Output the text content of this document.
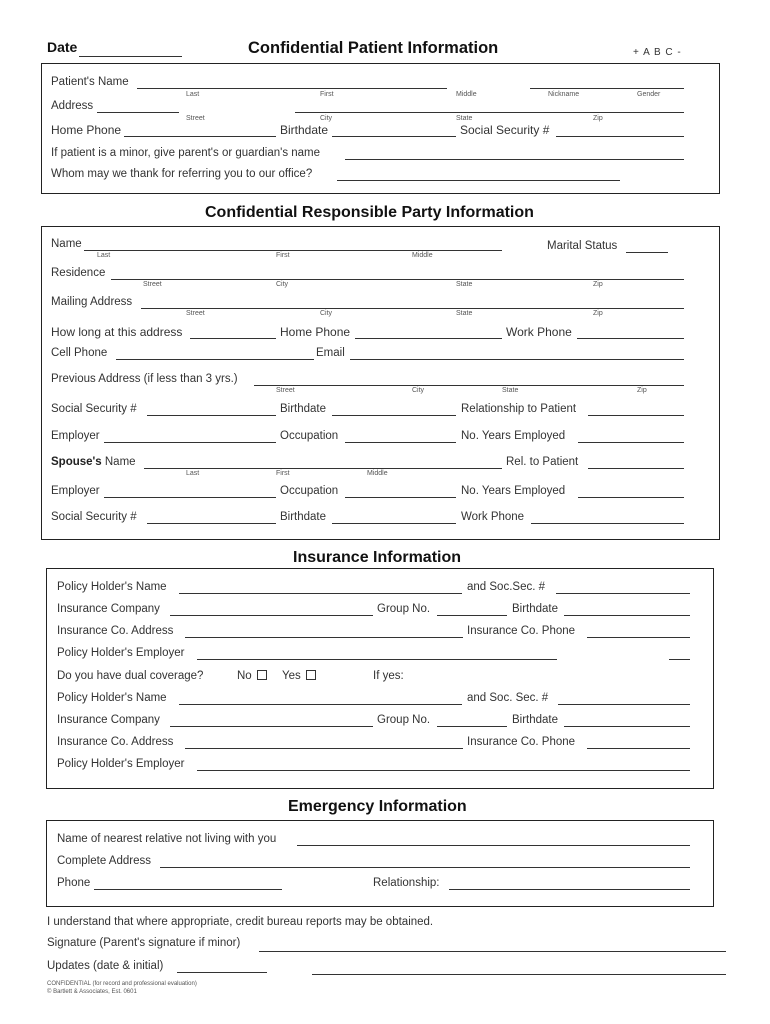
Date	Confidential Patient Information	+ A B C -
Patient's Name
Last	First	Middle	Nickname	Gender
Address
Street	City	State	Zip
Home Phone	Birthdate	Social Security #
If patient is a minor, give parent's or guardian's name
Whom may we thank for referring you to our office?
Confidential Responsible Party Information
Name
Last	First	Middle
Marital Status
Residence
Street	City	State	Zip
Mailing Address
Street	City	State	Zip
How long at this address	Home Phone	Work Phone
Cell Phone	Email
Previous Address (if less than 3 yrs.)
Street	City	State	Zip
Social Security #	Birthdate	Relationship to Patient
Employer	Occupation	No. Years Employed
Spouse's Name
Last	First	Middle
Rel. to Patient
Employer	Occupation	No. Years Employed
Social Security #	Birthdate	Work Phone
Insurance Information
Policy Holder's Name	and Soc.Sec. #
Insurance Company	Group No.	Birthdate
Insurance Co. Address	Insurance Co. Phone
Policy Holder's Employer
Do you have dual coverage?	No	Yes	If yes:
Policy Holder's Name	and Soc. Sec. #
Insurance Company	Group No.	Birthdate
Insurance Co. Address	Insurance Co. Phone
Policy Holder's Employer
Emergency Information
Name of nearest relative not living with you
Complete Address
Phone	Relationship:
I understand that where appropriate, credit bureau reports may be obtained.
Signature (Parent's signature if minor)
Updates (date & initial)
CONFIDENTIAL (for record and professional evaluation)
© Bartlett & Associates, Est. 0601
